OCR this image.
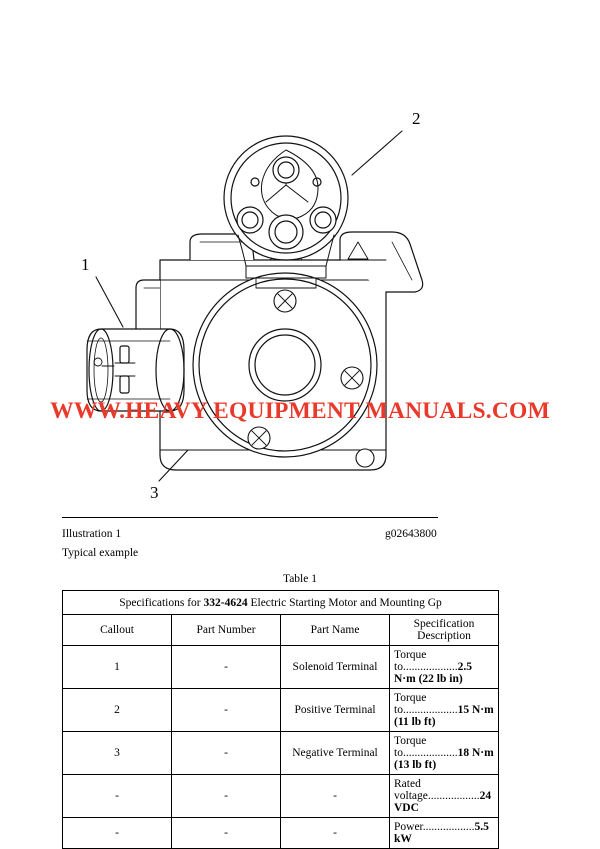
2
1
3
WWW.HEAVY EQUIPMENT MANUALS.COM
Illustration 1	g02643800
Typical example
Table 1
Specifications for 332-4624 Electric Starting Motor and Mounting Gp			
Callout	Part Number	Part Name	Specification Description
1	-	Solenoid Terminal	Torque to...................2.5 N·m (22 lb in)
2	-	Positive Terminal	Torque to...................15 N·m (11 lb ft)
3	-	Negative Terminal	Torque to...................18 N·m (13 lb ft)
-	-	-	Rated voltage..................24 VDC
-	-	-	Power..................5.5 kW
